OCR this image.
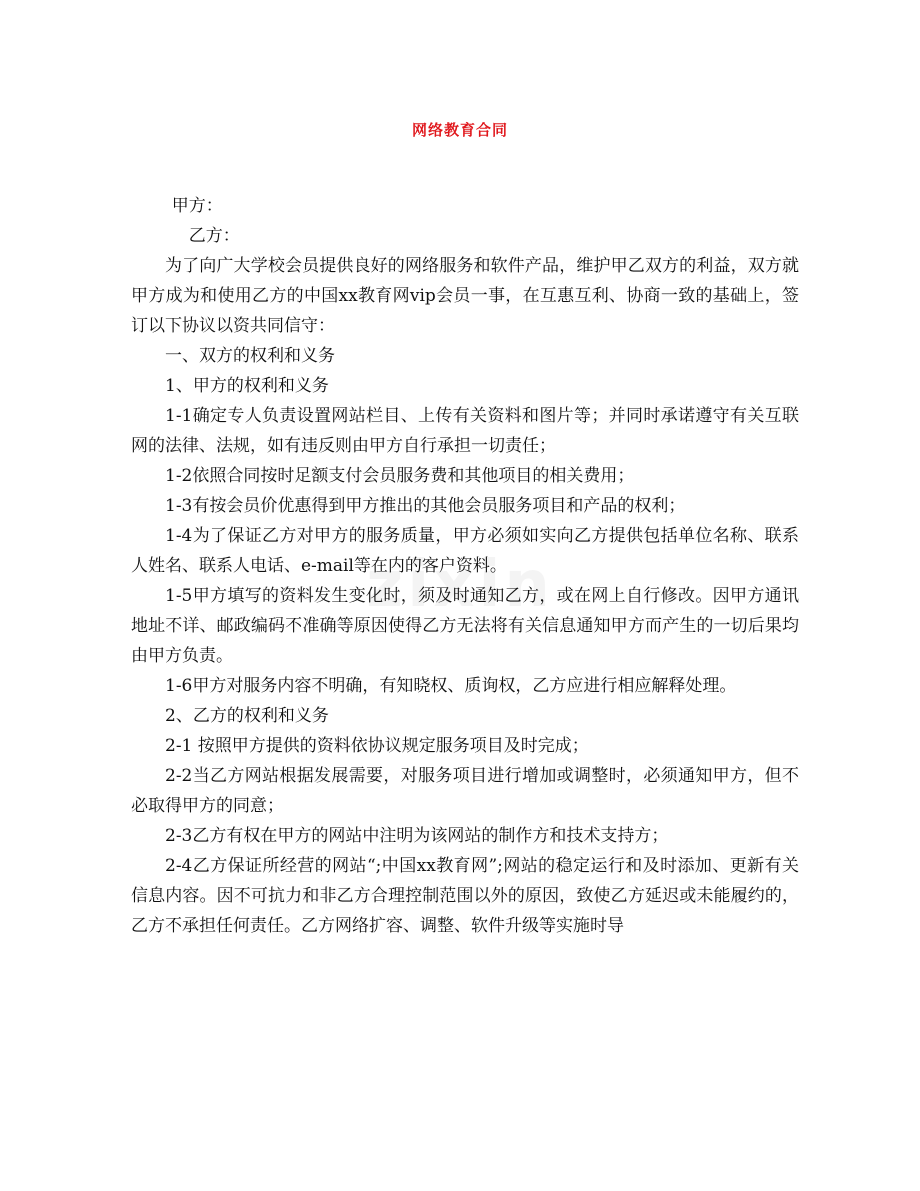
网络教育合同

甲方：

乙方：

为了向广大学校会员提供良好的网络服务和软件产品，维护甲乙双方的利益，双方就甲方成为和使用乙方的中国xx教育网vip会员一事，在互惠互利、协商一致的基础上，签订以下协议以资共同信守：

一、双方的权利和义务

1、甲方的权利和义务

1-1确定专人负责设置网站栏目、上传有关资料和图片等；并同时承诺遵守有关互联网的法律、法规，如有违反则由甲方自行承担一切责任；

1-2依照合同按时足额支付会员服务费和其他项目的相关费用；

1-3有按会员价优惠得到甲方推出的其他会员服务项目和产品的权利；

1-4为了保证乙方对甲方的服务质量，甲方必须如实向乙方提供包括单位名称、联系人姓名、联系人电话、e-mail等在内的客户资料。

1-5甲方填写的资料发生变化时，须及时通知乙方，或在网上自行修改。因甲方通讯地址不详、邮政编码不准确等原因使得乙方无法将有关信息通知甲方而产生的一切后果均由甲方负责。

1-6甲方对服务内容不明确，有知晓权、质询权，乙方应进行相应解释处理。

2、乙方的权利和义务

2-1 按照甲方提供的资料依协议规定服务项目及时完成；

2-2当乙方网站根据发展需要，对服务项目进行增加或调整时，必须通知甲方，但不必取得甲方的同意；

2-3乙方有权在甲方的网站中注明为该网站的制作方和技术支持方；

2-4乙方保证所经营的网站“;中国xx教育网”;网站的稳定运行和及时添加、更新有关信息内容。因不可抗力和非乙方合理控制范围以外的原因，致使乙方延迟或未能履约的，乙方不承担任何责任。乙方网络扩容、调整、软件升级等实施时导
